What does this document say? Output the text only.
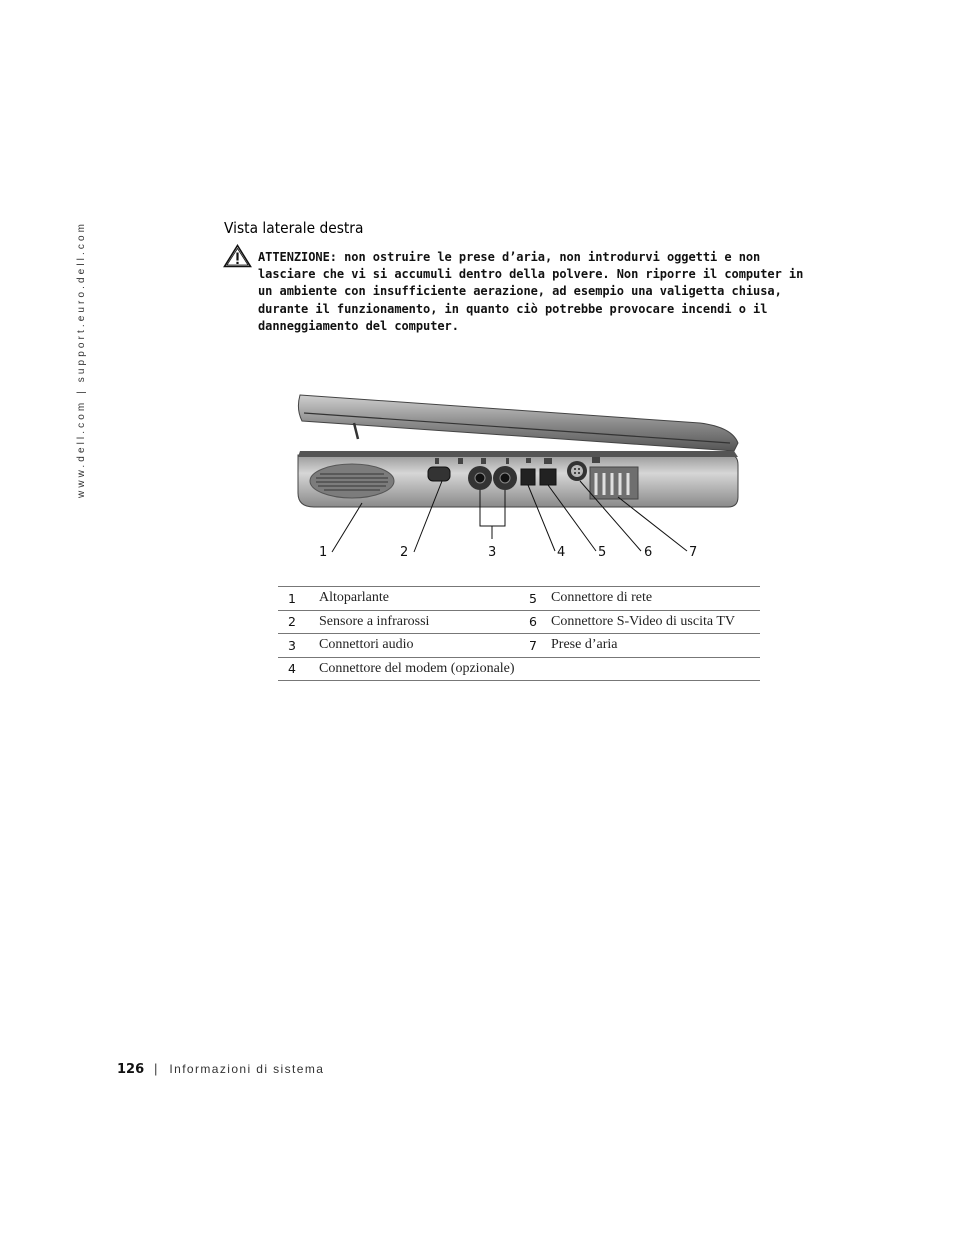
www.dell.com | support.euro.dell.com	Vista laterale destra
ATTENZIONE: non ostruire le prese d’aria, non introdurvi oggetti e non lasciare che vi si accumuli dentro della polvere. Non riporre il computer in un ambiente con insufficiente aerazione, ad esempio una valigetta chiusa, durante il funzionamento, in quanto ciò potrebbe provocare incendi o il danneggiamento del computer.
1	2	3	4	5	6	7
1	Altoparlante	5	Connettore di rete
2	Sensore a infrarossi	6	Connettore S-Video di uscita TV
3	Connettori audio	7	Prese d’aria
4	Connettore del modem (opzionale)		
126 | Informazioni di sistema
